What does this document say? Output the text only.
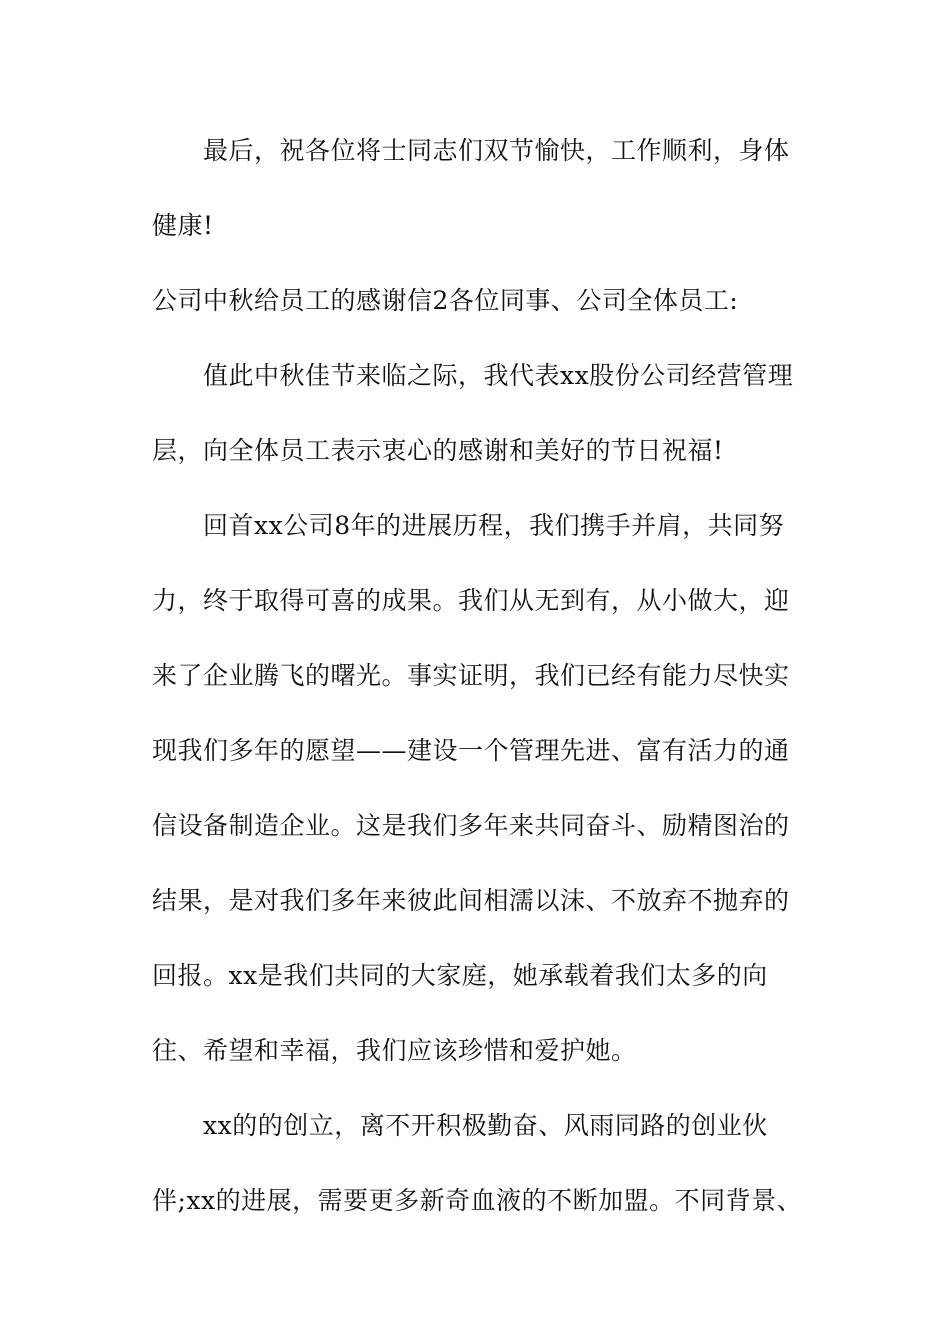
最后，祝各位将士同志们双节愉快，工作顺利，身体
健康!
公司中秋给员工的感谢信2各位同事、公司全体员工:
值此中秋佳节来临之际，我代表xx股份公司经营管理
层，向全体员工表示衷心的感谢和美好的节日祝福!
回首xx公司8年的进展历程，我们携手并肩，共同努
力，终于取得可喜的成果。我们从无到有，从小做大，迎
来了企业腾飞的曙光。事实证明，我们已经有能力尽快实
现我们多年的愿望——建设一个管理先进、富有活力的通
信设备制造企业。这是我们多年来共同奋斗、励精图治的
结果，是对我们多年来彼此间相濡以沫、不放弃不抛弃的
回报。xx是我们共同的大家庭，她承载着我们太多的向
往、希望和幸福，我们应该珍惜和爱护她。
xx的的创立，离不开积极勤奋、风雨同路的创业伙
伴;xx的进展，需要更多新奇血液的不断加盟。不同背景、
